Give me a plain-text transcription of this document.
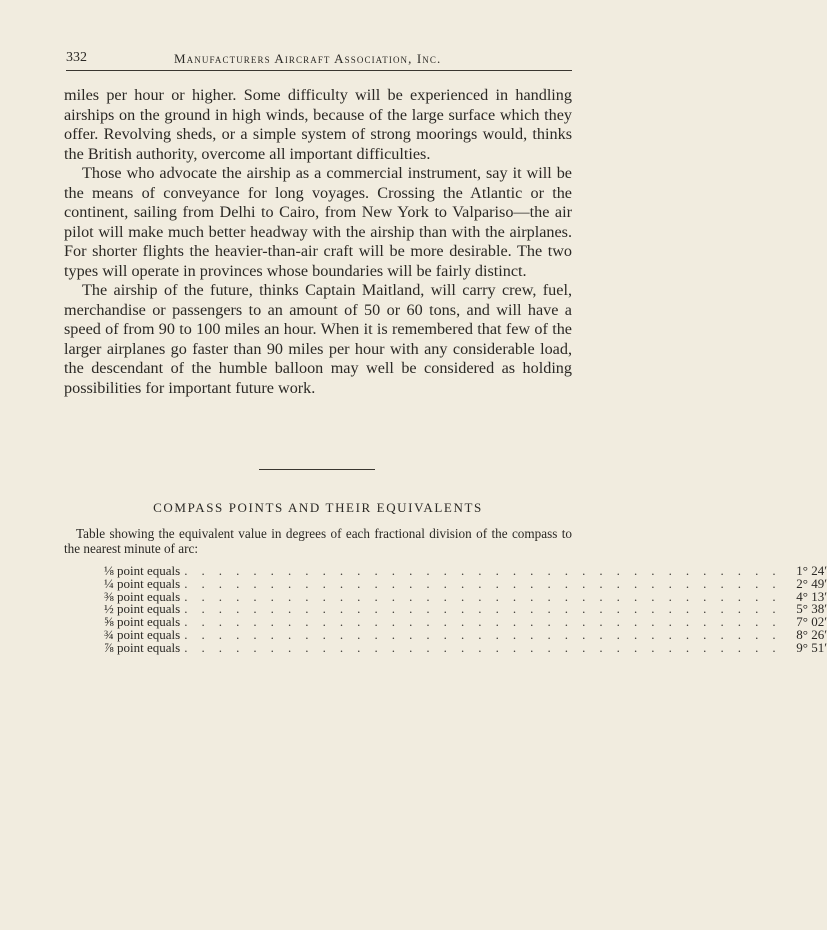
332	Manufacturers Aircraft Association, Inc.

miles per hour or higher. Some difficulty will be experienced in handling airships on the ground in high winds, because of the large surface which they offer. Revolving sheds, or a simple system of strong moorings would, thinks the British authority, overcome all important difficulties.

Those who advocate the airship as a commercial instrument, say it will be the means of conveyance for long voyages. Crossing the Atlantic or the continent, sailing from Delhi to Cairo, from New York to Valpariso—the air pilot will make much better headway with the airship than with the airplanes. For shorter flights the heavier-than-air craft will be more desirable. The two types will operate in provinces whose boundaries will be fairly distinct.

The airship of the future, thinks Captain Maitland, will carry crew, fuel, merchandise or passengers to an amount of 50 or 60 tons, and will have a speed of from 90 to 100 miles an hour. When it is remembered that few of the larger airplanes go faster than 90 miles per hour with any considerable load, the descendant of the humble balloon may well be considered as holding possibilities for important future work.

COMPASS POINTS AND THEIR EQUIVALENTS

Table showing the equivalent value in degrees of each fractional division of the compass to the nearest minute of arc:

⅛ point equals . . . . . . . . . . . . . . . . . . . . . . . . . . . . . . . . . . .	1° 24′
¼ point equals . . . . . . . . . . . . . . . . . . . . . . . . . . . . . . . . . . .	2° 49′
⅜ point equals . . . . . . . . . . . . . . . . . . . . . . . . . . . . . . . . . . .	4° 13′
½ point equals . . . . . . . . . . . . . . . . . . . . . . . . . . . . . . . . . . .	5° 38′
⅝ point equals . . . . . . . . . . . . . . . . . . . . . . . . . . . . . . . . . . .	7° 02′
¾ point equals . . . . . . . . . . . . . . . . . . . . . . . . . . . . . . . . . . .	8° 26′
⅞ point equals . . . . . . . . . . . . . . . . . . . . . . . . . . . . . . . . . . .	9° 51′
